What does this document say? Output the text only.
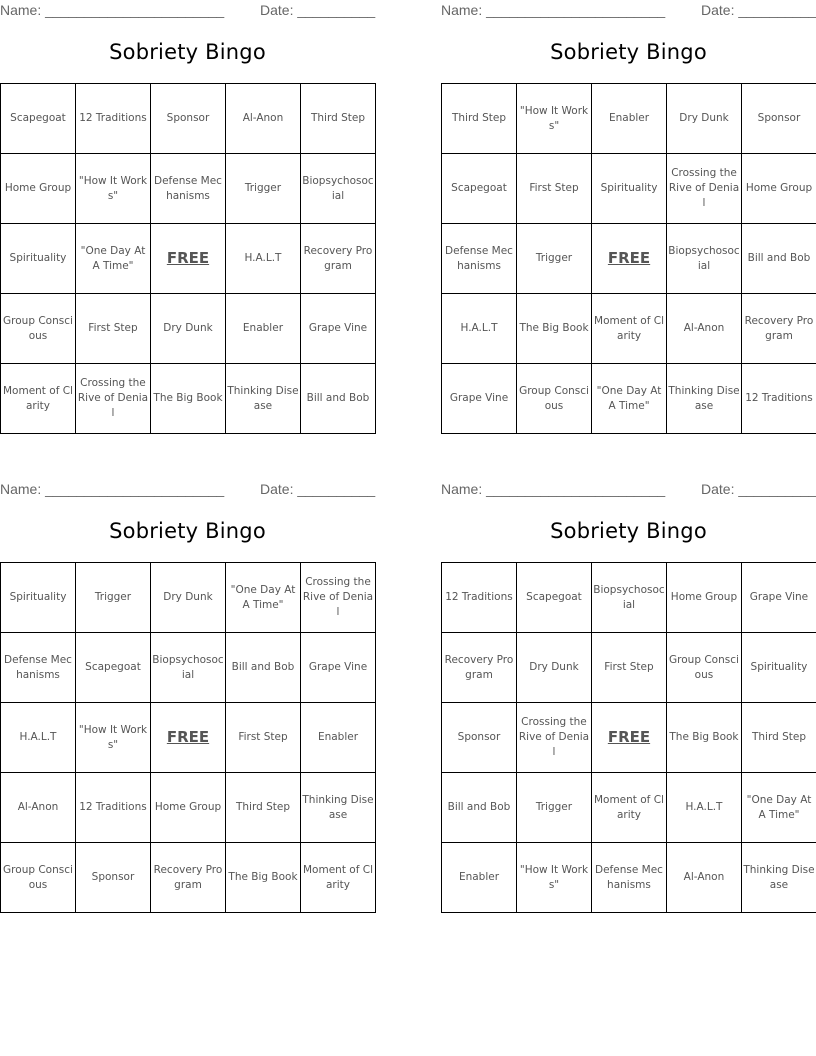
Name: _______________________	Date: __________
Sobriety Bingo
Scapegoat	12 Traditions	Sponsor	Al-Anon	Third Step
Home Group	"How It Works"	Defense Mechanisms	Trigger	Biopsychosocial
Spirituality	"One Day At A Time"	FREE	H.A.L.T	Recovery Program
Group Conscious	First Step	Dry Dunk	Enabler	Grape Vine
Moment of Clarity	Crossing the Rive of Denial	The Big Book	Thinking Disease	Bill and Bob
Name: _______________________	Date: __________
Sobriety Bingo
Third Step	"How It Works"	Enabler	Dry Dunk	Sponsor
Scapegoat	First Step	Spirituality	Crossing the Rive of Denial	Home Group
Defense Mechanisms	Trigger	FREE	Biopsychosocial	Bill and Bob
H.A.L.T	The Big Book	Moment of Clarity	Al-Anon	Recovery Program
Grape Vine	Group Conscious	"One Day At A Time"	Thinking Disease	12 Traditions
Name: _______________________	Date: __________
Sobriety Bingo
Spirituality	Trigger	Dry Dunk	"One Day At A Time"	Crossing the Rive of Denial
Defense Mechanisms	Scapegoat	Biopsychosocial	Bill and Bob	Grape Vine
H.A.L.T	"How It Works"	FREE	First Step	Enabler
Al-Anon	12 Traditions	Home Group	Third Step	Thinking Disease
Group Conscious	Sponsor	Recovery Program	The Big Book	Moment of Clarity
Name: _______________________	Date: __________
Sobriety Bingo
12 Traditions	Scapegoat	Biopsychosocial	Home Group	Grape Vine
Recovery Program	Dry Dunk	First Step	Group Conscious	Spirituality
Sponsor	Crossing the Rive of Denial	FREE	The Big Book	Third Step
Bill and Bob	Trigger	Moment of Clarity	H.A.L.T	"One Day At A Time"
Enabler	"How It Works"	Defense Mechanisms	Al-Anon	Thinking Disease
